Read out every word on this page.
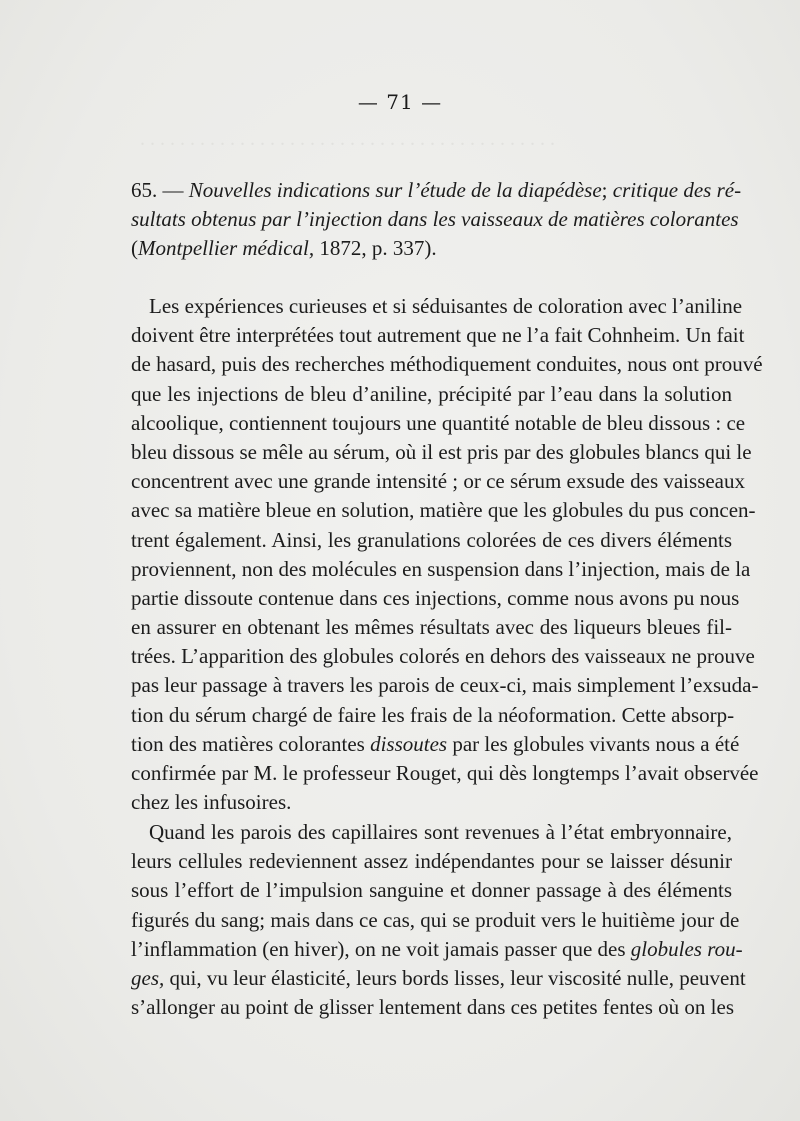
. . . . . . . . . . . . . . . . . . . . . . . . . . . . . . . . . . . . . . . . . .
— 71 —
65. — Nouvelles indications sur l’étude de la diapédèse; critique des ré-
sultats obtenus par l’injection dans les vaisseaux de matières colorantes
(Montpellier médical, 1872, p. 337).
Les expériences curieuses et si séduisantes de coloration avec l’aniline
doivent être interprétées tout autrement que ne l’a fait Cohnheim. Un fait
de hasard, puis des recherches méthodiquement conduites, nous ont prouvé
que les injections de bleu d’aniline, précipité par l’eau dans la solution
alcoolique, contiennent toujours une quantité notable de bleu dissous : ce
bleu dissous se mêle au sérum, où il est pris par des globules blancs qui le
concentrent avec une grande intensité ; or ce sérum exsude des vaisseaux
avec sa matière bleue en solution, matière que les globules du pus concen-
trent également. Ainsi, les granulations colorées de ces divers éléments
proviennent, non des molécules en suspension dans l’injection, mais de la
partie dissoute contenue dans ces injections, comme nous avons pu nous
en assurer en obtenant les mêmes résultats avec des liqueurs bleues fil-
trées. L’apparition des globules colorés en dehors des vaisseaux ne prouve
pas leur passage à travers les parois de ceux-ci, mais simplement l’exsuda-
tion du sérum chargé de faire les frais de la néoformation. Cette absorp-
tion des matières colorantes dissoutes par les globules vivants nous a été
confirmée par M. le professeur Rouget, qui dès longtemps l’avait observée
chez les infusoires.
Quand les parois des capillaires sont revenues à l’état embryonnaire,
leurs cellules redeviennent assez indépendantes pour se laisser désunir
sous l’effort de l’impulsion sanguine et donner passage à des éléments
figurés du sang; mais dans ce cas, qui se produit vers le huitième jour de
l’inflammation (en hiver), on ne voit jamais passer que des globules rou-
ges, qui, vu leur élasticité, leurs bords lisses, leur viscosité nulle, peuvent
s’allonger au point de glisser lentement dans ces petites fentes où on les
